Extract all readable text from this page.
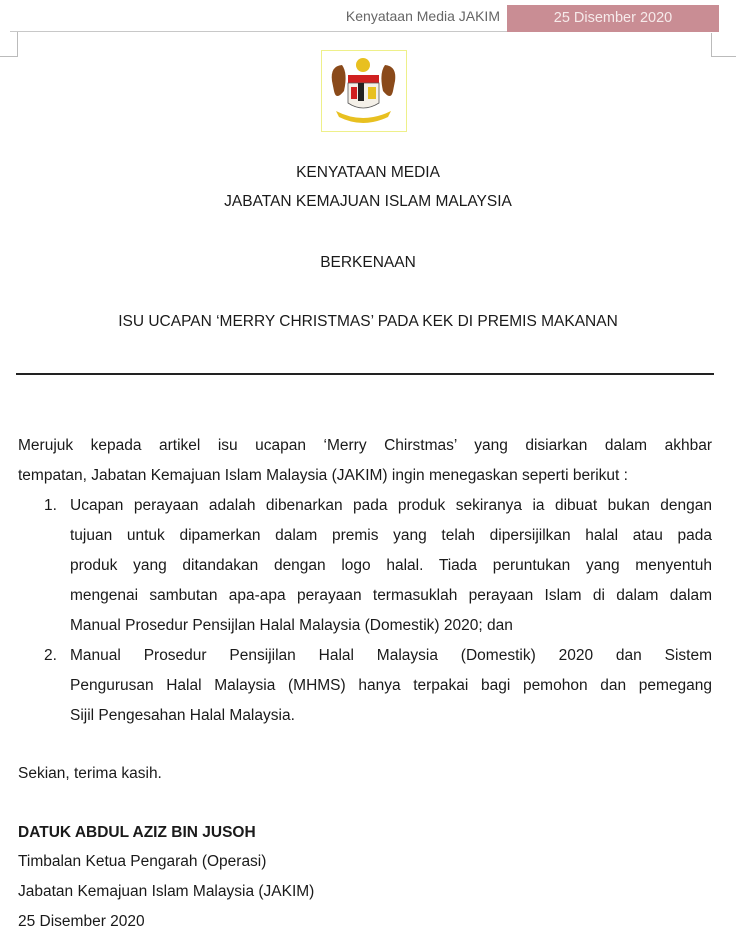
Kenyataan Media JAKIM	25 Disember 2020
KENYATAAN MEDIA
JABATAN KEMAJUAN ISLAM MALAYSIA
BERKENAAN
ISU UCAPAN ‘MERRY CHRISTMAS’ PADA KEK DI PREMIS MAKANAN
Merujuk kepada artikel isu ucapan ‘Merry Chirstmas’ yang disiarkan dalam akhbar
tempatan, Jabatan Kemajuan Islam Malaysia (JAKIM) ingin menegaskan seperti berikut :
1. Ucapan perayaan adalah dibenarkan pada produk sekiranya ia dibuat bukan dengan
tujuan untuk dipamerkan dalam premis yang telah dipersijilkan halal atau pada
produk yang ditandakan dengan logo halal. Tiada peruntukan yang menyentuh
mengenai sambutan apa-apa perayaan termasuklah perayaan Islam di dalam dalam
Manual Prosedur Pensijlan Halal Malaysia (Domestik) 2020; dan
2. Manual Prosedur Pensijilan Halal Malaysia (Domestik) 2020 dan Sistem
Pengurusan Halal Malaysia (MHMS) hanya terpakai bagi pemohon dan pemegang
Sijil Pengesahan Halal Malaysia.
Sekian, terima kasih.
DATUK ABDUL AZIZ BIN JUSOH
Timbalan Ketua Pengarah (Operasi)
Jabatan Kemajuan Islam Malaysia (JAKIM)
25 Disember 2020
